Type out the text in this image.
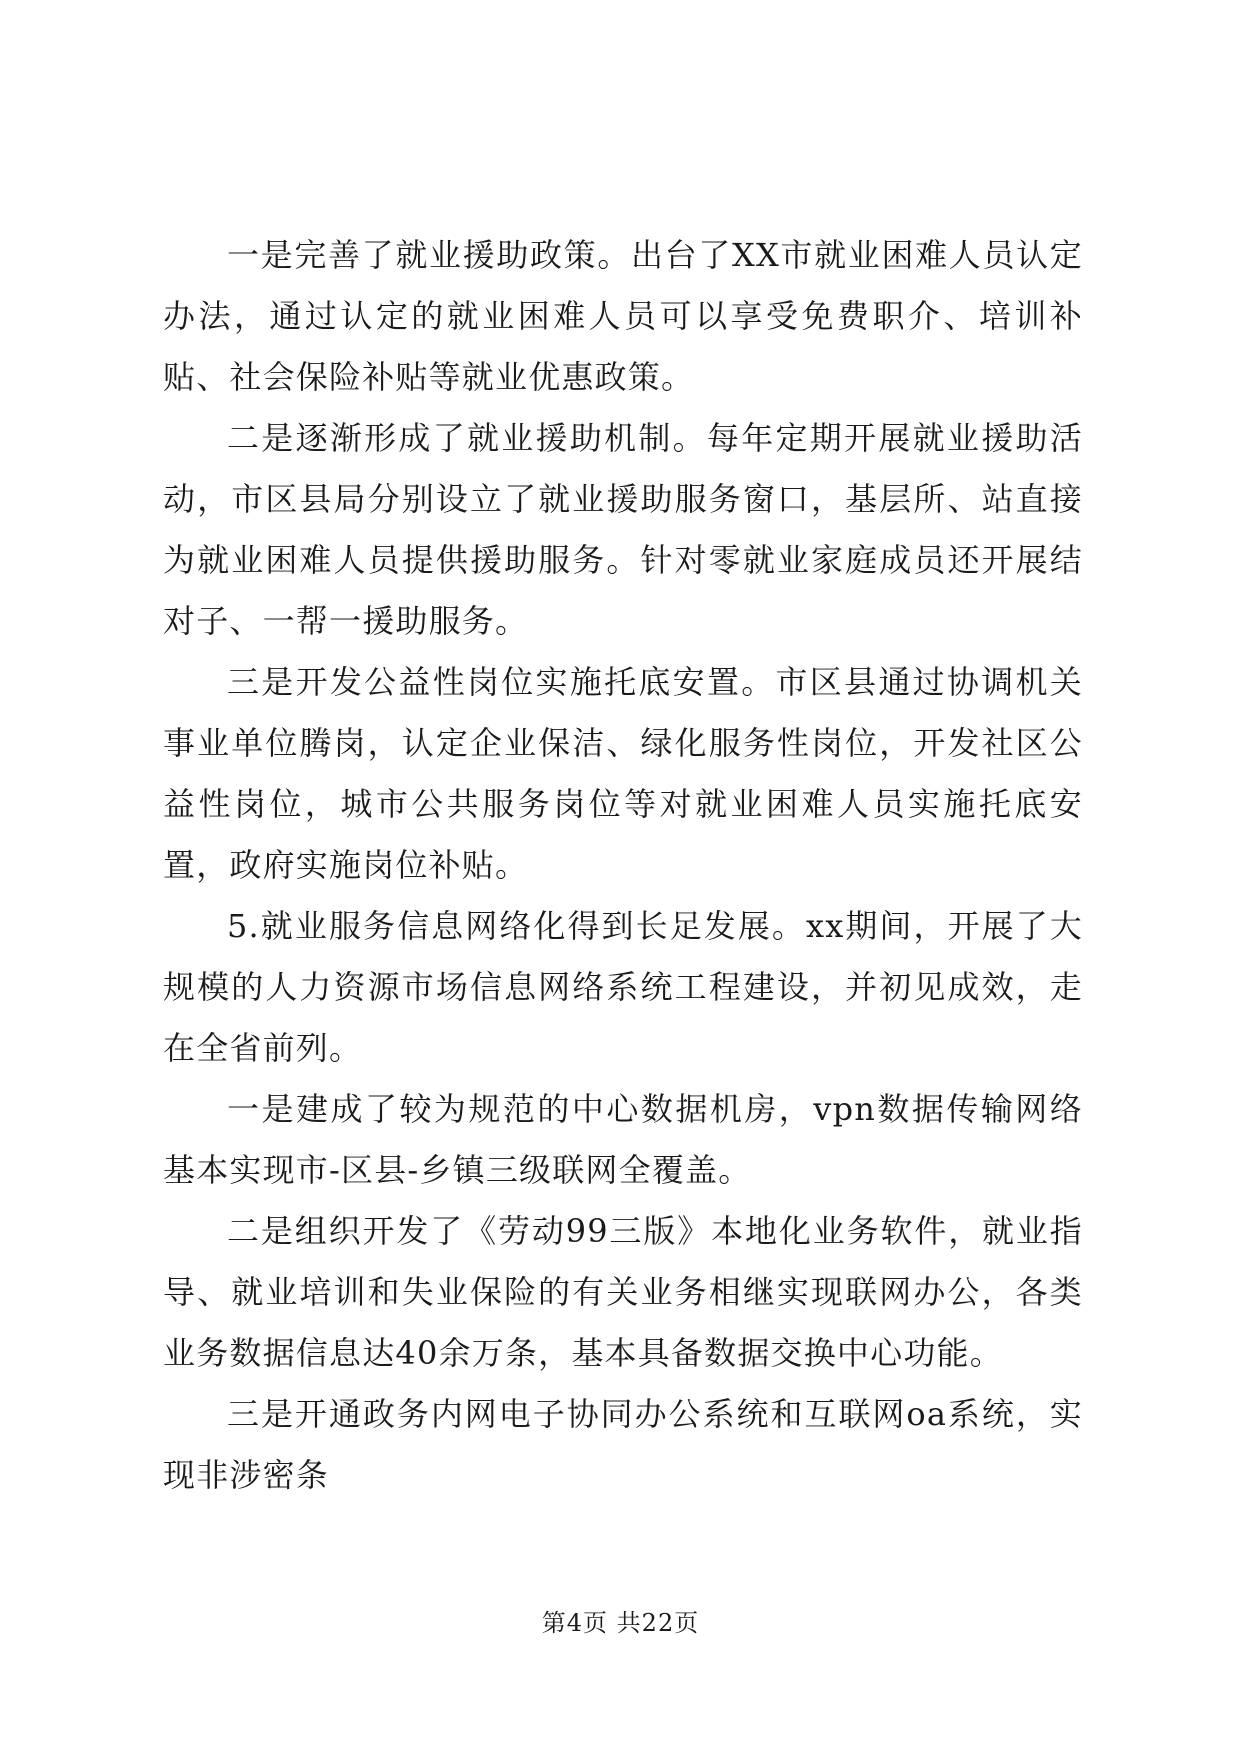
一是完善了就业援助政策。出台了XX市就业困难人员认定办法，通过认定的就业困难人员可以享受免费职介、培训补贴、社会保险补贴等就业优惠政策。

二是逐渐形成了就业援助机制。每年定期开展就业援助活动，市区县局分别设立了就业援助服务窗口，基层所、站直接为就业困难人员提供援助服务。针对零就业家庭成员还开展结对子、一帮一援助服务。

三是开发公益性岗位实施托底安置。市区县通过协调机关事业单位腾岗，认定企业保洁、绿化服务性岗位，开发社区公益性岗位，城市公共服务岗位等对就业困难人员实施托底安置，政府实施岗位补贴。

5.就业服务信息网络化得到长足发展。xx期间，开展了大规模的人力资源市场信息网络系统工程建设，并初见成效，走在全省前列。

一是建成了较为规范的中心数据机房，vpn数据传输网络基本实现市-区县-乡镇三级联网全覆盖。

二是组织开发了《劳动99三版》本地化业务软件，就业指导、就业培训和失业保险的有关业务相继实现联网办公，各类业务数据信息达40余万条，基本具备数据交换中心功能。

三是开通政务内网电子协同办公系统和互联网oa系统，实现非涉密条

第4页 共22页
